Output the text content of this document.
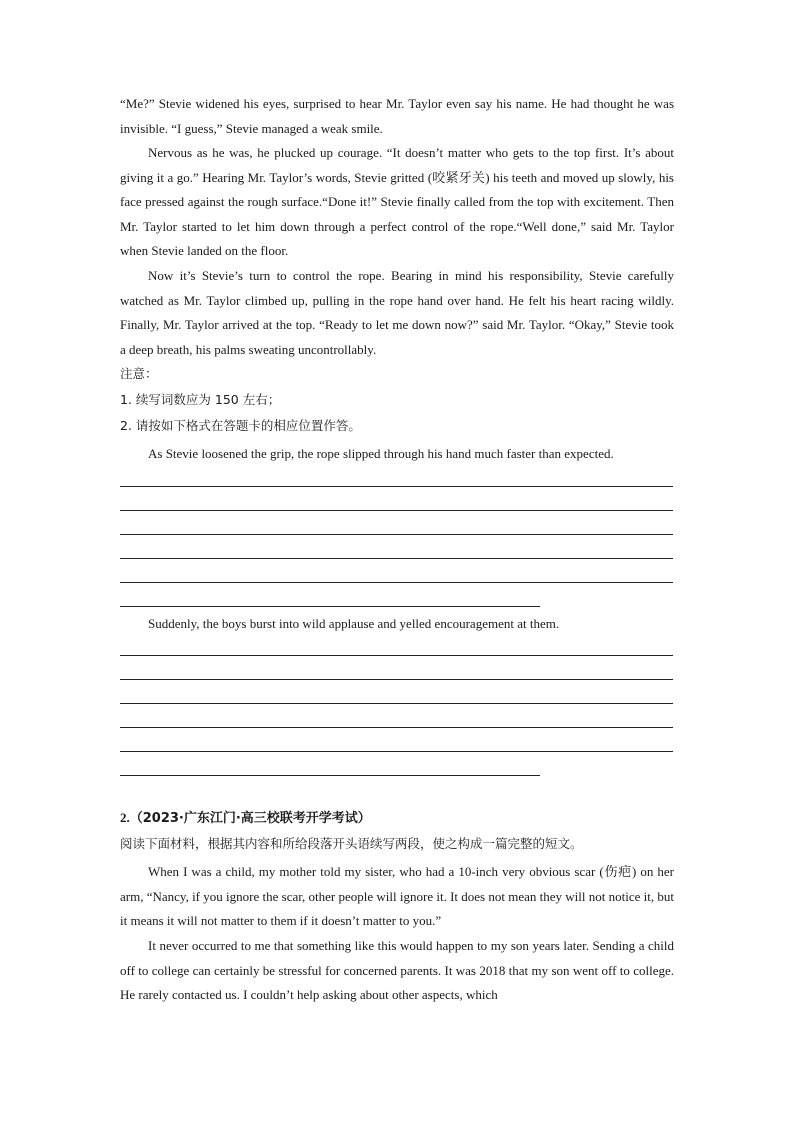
“Me?” Stevie widened his eyes, surprised to hear Mr. Taylor even say his name. He had thought he was invisible. “I guess,” Stevie managed a weak smile.

Nervous as he was, he plucked up courage. “It doesn’t matter who gets to the top first. It’s about giving it a go.” Hearing Mr. Taylor’s words, Stevie gritted (咬紧牙关) his teeth and moved up slowly, his face pressed against the rough surface.“Done it!” Stevie finally called from the top with excitement. Then Mr. Taylor started to let him down through a perfect control of the rope.“Well done,” said Mr. Taylor when Stevie landed on the floor.

Now it’s Stevie’s turn to control the rope. Bearing in mind his responsibility, Stevie carefully watched as Mr. Taylor climbed up, pulling in the rope hand over hand. He felt his heart racing wildly. Finally, Mr. Taylor arrived at the top. “Ready to let me down now?” said Mr. Taylor. “Okay,” Stevie took a deep breath, his palms sweating uncontrollably.

注意：

1. 续写词数应为 150 左右；

2. 请按如下格式在答题卡的相应位置作答。

As Stevie loosened the grip, the rope slipped through his hand much faster than expected.

Suddenly, the boys burst into wild applause and yelled encouragement at them.

2.（2023·广东江门·高三校联考开学考试）

阅读下面材料，根据其内容和所给段落开头语续写两段，使之构成一篇完整的短文。

When I was a child, my mother told my sister, who had a 10-inch very obvious scar (伤疤) on her arm, “Nancy, if you ignore the scar, other people will ignore it. It does not mean they will not notice it, but it means it will not matter to them if it doesn’t matter to you.”

It never occurred to me that something like this would happen to my son years later. Sending a child off to college can certainly be stressful for concerned parents. It was 2018 that my son went off to college. He rarely contacted us. I couldn’t help asking about other aspects, which
